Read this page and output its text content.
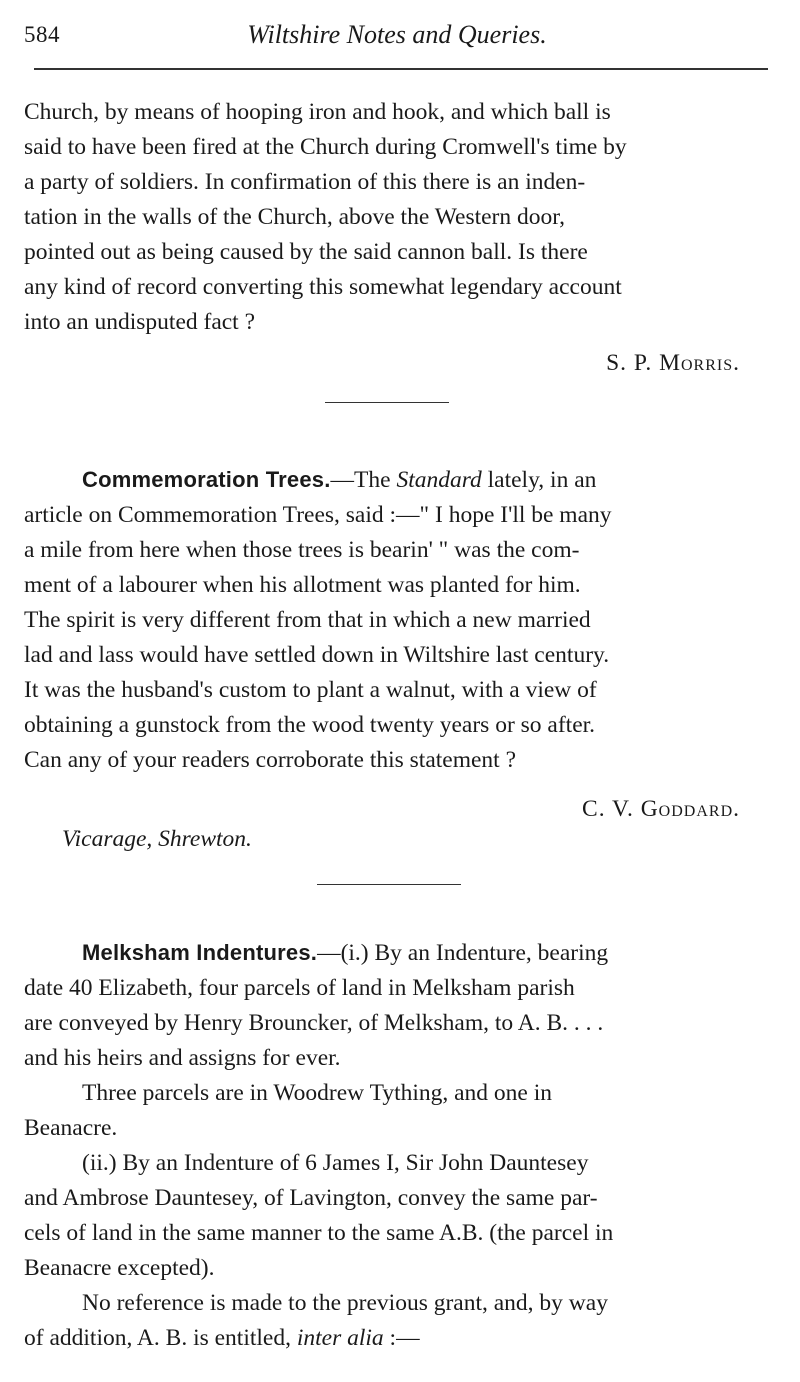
584	Wiltshire Notes and Queries.

Church, by means of hooping iron and hook, and which ball is

said to have been fired at the Church during Cromwell's time by

a party of soldiers. In confirmation of this there is an inden-

tation in the walls of the Church, above the Western door,

pointed out as being caused by the said cannon ball. Is there

any kind of record converting this somewhat legendary account

into an undisputed fact ?

S. P. Morris.

Commemoration Trees.—The Standard lately, in an

article on Commemoration Trees, said :—" I hope I'll be many

a mile from here when those trees is bearin' " was the com-

ment of a labourer when his allotment was planted for him.

The spirit is very different from that in which a new married

lad and lass would have settled down in Wiltshire last century.

It was the husband's custom to plant a walnut, with a view of

obtaining a gunstock from the wood twenty years or so after.

Can any of your readers corroborate this statement ?

C. V. Goddard.
Vicarage, Shrewton.

Melksham Indentures.—(i.) By an Indenture, bearing

date 40 Elizabeth, four parcels of land in Melksham parish

are conveyed by Henry Brouncker, of Melksham, to A. B. . . .

and his heirs and assigns for ever.

Three parcels are in Woodrew Tything, and one in

Beanacre.

(ii.) By an Indenture of 6 James I, Sir John Dauntesey

and Ambrose Dauntesey, of Lavington, convey the same par-

cels of land in the same manner to the same A.B. (the parcel in

Beanacre excepted).

No reference is made to the previous grant, and, by way

of addition, A. B. is entitled, inter alia :—
